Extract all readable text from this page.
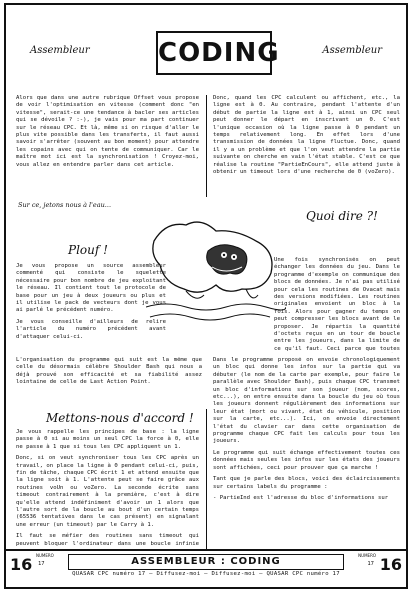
Assembleur	CODING	Assembleur

Alors que dans une autre rubrique Offset vous propose de voir l'optimisation en vitesse (comment donc "en vitesse", serait-ce une tendance à bacler ses articles qui se dévoile ? :-), je vais pour ma part continuer sur le réseau CPC. Et là, même si on risque d'aller le plus vite possible dans les transferts, il faut aussi savoir s'arrêter (souvent au bon moment) pour attendre les copains avec qui on tente de communiquer. Car le maître mot ici est la synchronisation ! Croyez-moi, vous allez en entendre parler dans cet article.

Donc, quand les CPC calculent ou affichent, etc., la ligne est à 0. Au contraire, pendant l'attente d'un début de partie la ligne est à 1, ainsi un CPC seul peut donner le départ en inscrivant un 0. C'est l'unique occasion où la ligne passe à 0 pendant un temps relativement long. En effet lors d'une transmission de données la ligne fluctue. Donc, quand il y a un problème et que l'on veut attendre la partie suivante on cherche en vain l'état stable. C'est ce que réalise la routine "PartieEnCours", elle attend juste à obtenir un timeout lors d'une recherche de 0 (voZero).

Sur ce, jetons nous à l'eau...
Plouf !

Je vous propose un source assembleur commenté qui consiste le squelette nécessaire pour bon nombre de jeu exploitant le réseau. Il contient tout le protocole de base pour un jeu à deux joueurs ou plus et il utilise le pack de vecteurs dont je vous ai parlé le précédent numéro.

Je vous conseille d'ailleurs de relire l'article du numéro précédent avant d'attaquer celui-ci.

L'organisation du programme qui suit est la même que celle du désormais célèbre Shoulder Bash qui nous a déjà prouvé son efficacité et sa fiabilité assez lointaine de celle de Last Action Point.

Quoi dire ?!

Une fois synchronisés on peut échanger les données du jeu. Dans le programme d'exemple on communique des blocs de données. Je n'ai pas utilisé pour cela les routines de Ovacat mais des versions modifiées. Les routines originales envoient un bloc à la fois. Alors pour gagner du temps on peut compresser les blocs avant de le proposer. Je répartis la quantité d'octets reçus en un tour de boucle entre les joueurs, dans la limite de ce qu'il faut. Ceci parce que toutes

Mettons-nous d'accord !

Je vous rappelle les principes de base : la ligne passe à 0 si au moins un seul CPC la force à 0, elle ne passe à 1 que si tous les CPC appliquent un 1.

Donc, si on veut synchroniser tous les CPC après un travail, on place la ligne à 0 pendant celui-ci, puis, fin de tâche, chaque CPC écrit 1 et attend ensuite que la ligne soit à 1. L'attente peut se faire grâce aux routines voUn ou voZero. La seconde écrite sans timeout contrairement à la première, c'est à dire qu'elle attend indéfiniment d'avoir un 1 alors que l'autre sort de la boucle au bout d'un certain temps (65536 tentatives dans le cas présent) en signalant une erreur (un timeout) par le Carry à 1.

Il faut se méfier des routines sans timeout qui peuvent bloquer l'ordinateur dans une boucle infinie

Dans le programme proposé on envoie chronologiquement un bloc qui donne les infos sur la partie qui va débuter (le nom de la carte par exemple, pour faire le parallèle avec Shoulder Bash), puis chaque CPC transmet un bloc d'informations sur son joueur (nom, scores, etc...), on entre ensuite dans la boucle du jeu où tous les joueurs donnent régulièrement des informations sur leur état (mort ou vivant, état du véhicule, position sur la carte, etc...). Ici, on envoie directement l'état du clavier car dans cette organisation de programme chaque CPC fait les calculs pour tous les joueurs.

Le programme qui suit échange effectivement toutes ces données mais seules les infos sur les états des joueurs sont affichées, ceci pour prouver que ça marche !

Tant que je parle des blocs, voici des éclaircissements sur certains labels du programme :

- PartieInd est l'adresse du bloc d'informations sur

NUMERO
17
16	ASSEMBLEUR : CODING
QUASAR CPC numéro 17 — Diffusez-moi — Diffusez-moi — QUASAR CPC numéro 17
NUMERO
17 16
